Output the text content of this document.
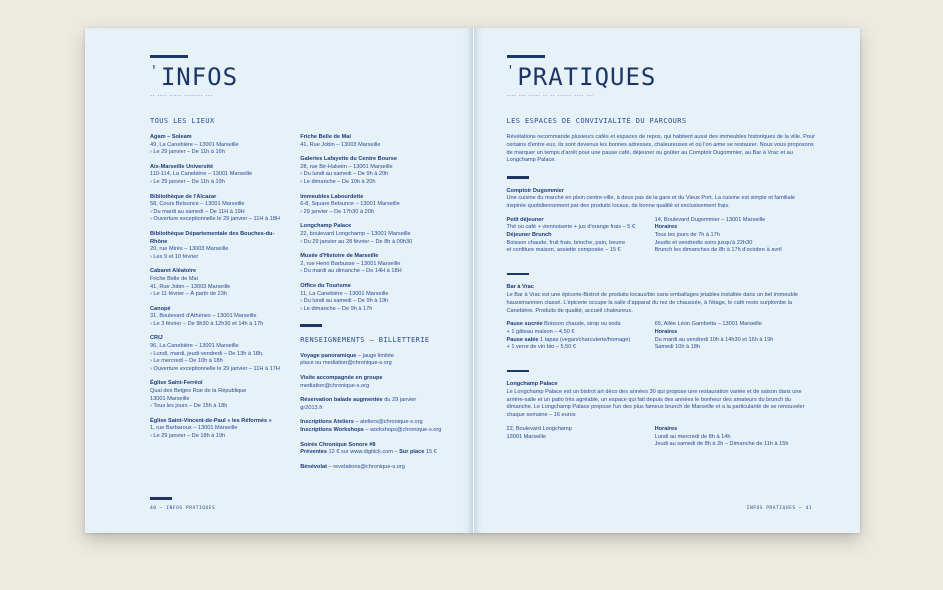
' INFOS
-- ---- ----- -------- ---
TOUS LES LIEUX
Agam – Soleam
49, La Canebière – 13001 Marseille
› Le 29 janvier – De 11h à 16h
Aix-Marseille Université
110-114, La Canebière – 13001 Marseille
› Le 29 janvier – De 11h à 19h
Bibliothèque de l'Alcazar
58, Cours Belsunce – 13001 Marseille
› Du mardi au samedi – De 11H à 19H
› Ouverture exceptionnelle le 29 janvier – 11H à 18H
Bibliothèque Départementale des Bouches-du-Rhône
20, rue Mirès – 13003 Marseille
› Les 9 et 10 février
Cabaret Aléatoire
Friche Belle de Mai
41, Rue Jobin – 13003 Marseille
› Le 11 février – À partir de 23h
Canopé
31, Boulevard d'Athènes – 13001 Marseille
› Le 3 février – De 9h30 à 12h30 et 14h à 17h
CRIJ
96, La Canebière – 13001 Marseille
› Lundi, mardi, jeudi vendredi – De 13h à 18h,
› Le mercredi – De 10h à 18h
› Ouverture exceptionnelle le 29 janvier – 11H à 17H
Église Saint-Ferréol
Quai des Belges Rue de la République
13001 Marseille
› Tous les jours – De 15h à 18h
Église Saint-Vincent-de-Paul « les Réformés »
1, rue Barbaroux – 13001 Marseille
› Le 29 janvier – De 18h à 19h
Friche Belle de Mai
41, Rue Jobin – 13003 Marseille
Galeries Lafayette du Centre Bourse
28, rue Bir-Hakeim – 13001 Marseille
› Du lundi au samedi – De 9h à 20h
› Le dimanche – De 10h à 20h
Immeubles Labourdette
6-8, Square Belsunce – 13001 Marseille
› 29 janvier – De 17h30 à 20h
Longchamp Palace
22, boulevard Longchamp – 13001 Marseille
› Du 29 janvier au 28 février – De 8h à 00h30
Musée d'Histoire de Marseille
2, rue Henri Barbusse – 13001 Marseille
› Du mardi au dimanche – De 14H à 18H
Office du Tourisme
11, La Canebière – 13001 Marseille
› Du lundi au samedi – De 9h à 19h
› Le dimanche – De 9h à 17h
RENSEIGNEMENTS – BILLETTERIE
Voyage panoramique – jauge limitée
place ou mediation@chronique-s.org
Visite accompagnée en groupe
mediation@chronique-s.org
Réservation balade augmentée du 29 janvier
gr2013.fr
Inscriptions Ateliers – ateliers@chronique-s.org
Inscriptions Workshops – workshops@chronique-s.org
Soirée Chronique Sonore #8
Préventes 12 € sur www.digitick.com – Sur place 15 €
Bénévolat – revelations@chronique-s.org
40 – INFOS PRATIQUES
' PRATIQUES
---- --- ----- -- -- ------ ---- ---
LES ESPACES DE CONVIVIALITÉ DU PARCOURS
Révélations recommande plusieurs cafés et espaces de repos, qui habitent aussi des immeubles historiques de la ville. Pour certains d'entre eux, ils sont devenus les bonnes adresses, chaleureuses et où l'on aime se restaurer. Nous vous proposons de marquer un temps d'arrêt pour une pause café, déjeuner ou goûter au Comptoir Dugommier, au Bar à Vrac et au Longchamp Palace.
Comptoir Dugommier
Une cuisine du marché en plein centre-ville, à deux pas de la gare et du Vieux Port. La cuisine est simple et familiale inspirée quotidiennement par des produits locaux, de bonne qualité et exclusivement frais.
Petit déjeuner
Thé ou café + viennoiserie + jus d'orange frais – 5 €
Déjeuner Brunch
Boisson chaude, fruit frais, brioche, pain, beurre
et confiture maison, assiette composée – 15 €
14, Boulevard Dugommier – 13001 Marseille
Horaires
Tous les jours de 7h à 17h
Jeudis et vendredis soirs jusqu'à 22h30
Brunch les dimanches de 8h à 17h d'octobre à avril
Bar à Vrac
Le Bar à Vrac est une épicerie-Bistrot de produits locaux/bio sans emballages jetables installée dans un bel immeuble haussmannien classé. L'épicerie occupe la salle d'apparat du rez de chaussée, à l'étage, le café resto surplombe la Canebière. Produits de qualité, accueil chaleureux.
Pause sucrée Boisson chaude, sirop ou soda
+ 1 gâteau maison – 4,50 €
Pause salée 1 tapas (vegan/charcuterie/fromage)
+ 1 verre de vin bio – 5,50 €
65, Allée Léon Gambetta – 13001 Marseille
Horaires
Du mardi au vendredi 10h à 14h30 et 16h à 19h
Samedi 10h à 18h
Longchamp Palace
Le Longchamp Palace est un bistrot art déco des années 30 qui propose une restauration variée et de saison dans une arrière-salle et un patio très agréable, un espace qui fait depuis des années le bonheur des amateurs du brunch du dimanche. Le Longchamp Palace propose l'un des plus fameux brunch de Marseille et a la particularité de se renouveler chaque semaine – 16 euros
22, Boulevard Longchamp
13001 Marseille
Horaires
Lundi au mercredi de 8h à 14h
Jeudi au samedi de 8h à 2h – Dimanche de 11h à 15h
INFOS PRATIQUES – 41
